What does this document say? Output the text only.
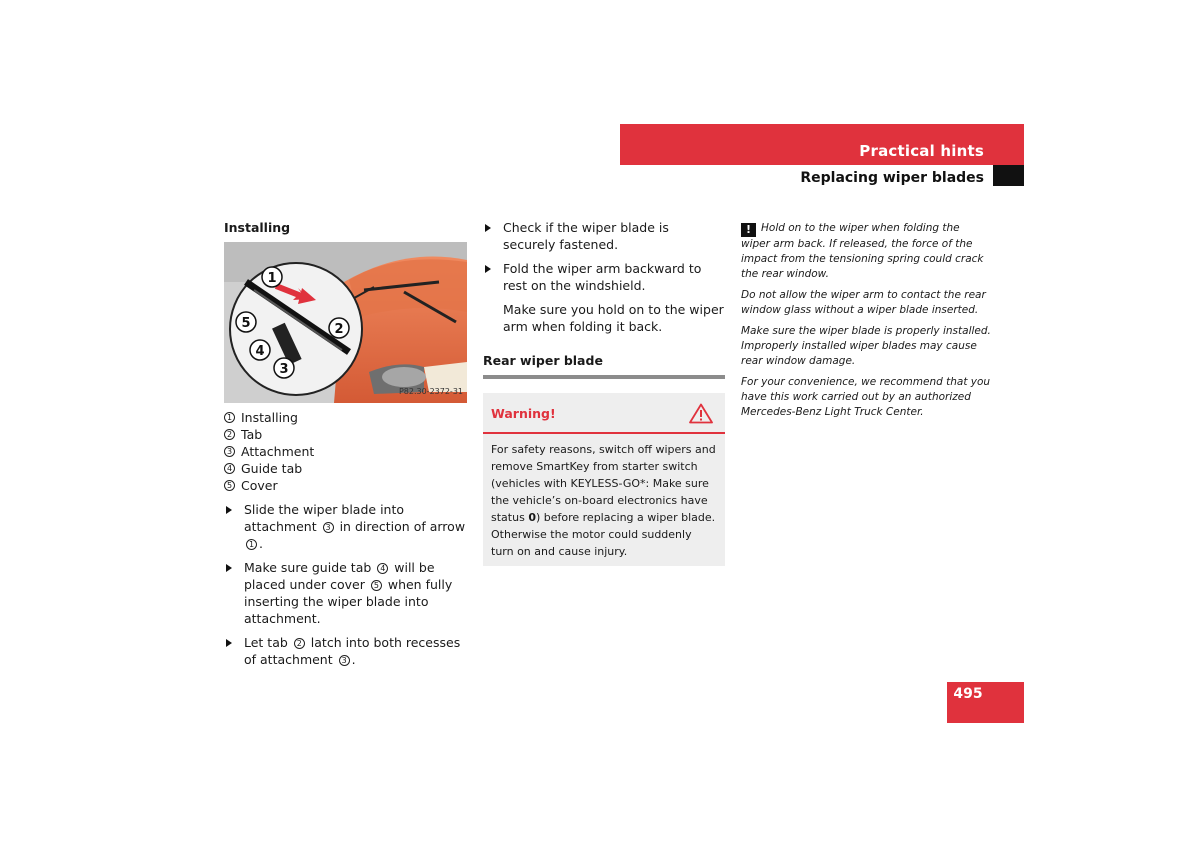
Practical hints
Replacing wiper blades
Installing
1
2
3
4
5
P82.30-2372-31
1 Installing
2 Tab
3 Attachment
4 Guide tab
5 Cover
Slide the wiper blade into attachment 3 in direction of arrow 1 .
Make sure guide tab 4 will be placed under cover 5 when fully inserting the wiper blade into attachment.
Let tab 2 latch into both recesses of attachment 3 .
Check if the wiper blade is securely fastened.
Fold the wiper arm backward to rest on the windshield.
Make sure you hold on to the wiper arm when folding it back.
Rear wiper blade
Warning!
For safety reasons, switch off wipers and remove SmartKey from starter switch (vehicles with KEYLESS-GO*: Make sure the vehicle’s on-board electronics have status 0) before replacing a wiper blade. Otherwise the motor could suddenly turn on and cause injury.
! Hold on to the wiper when folding the wiper arm back. If released, the force of the impact from the tensioning spring could crack the rear window.
Do not allow the wiper arm to contact the rear window glass without a wiper blade inserted.
Make sure the wiper blade is properly installed. Improperly installed wiper blades may cause rear window damage.
For your convenience, we recommend that you have this work carried out by an authorized Mercedes-Benz Light Truck Center.
495
